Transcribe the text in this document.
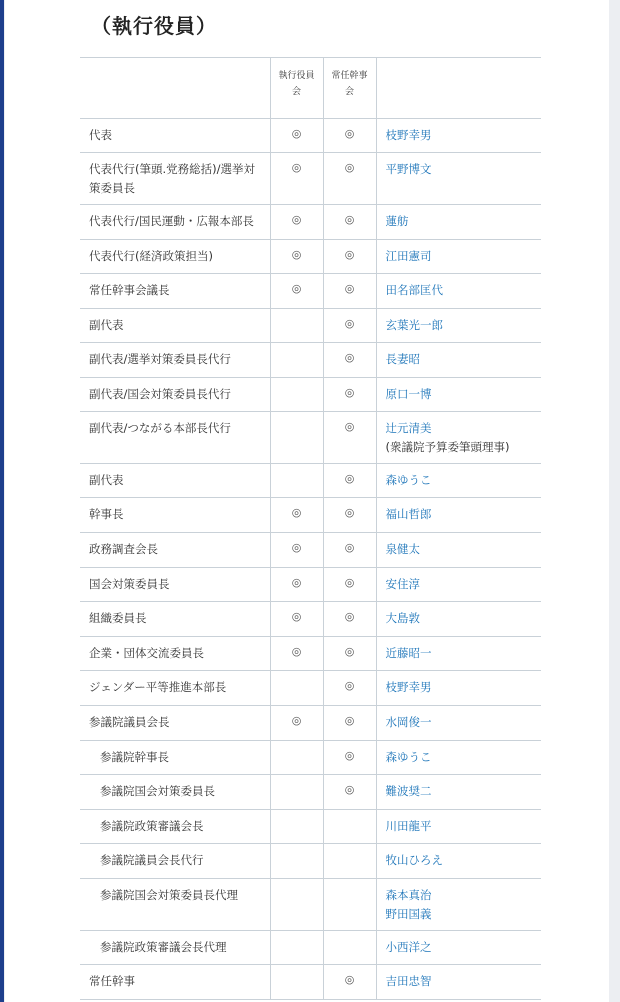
（執行役員）
	執行役員会	常任幹事会	
代表	◎	◎	枝野幸男

代表代行(筆頭.党務総括)/選挙対策委員長	◎	◎	平野博文

代表代行/国民運動・広報本部長	◎	◎	蓮舫

代表代行(経済政策担当)	◎	◎	江田憲司

常任幹事会議長	◎	◎	田名部匡代

副代表		◎	玄葉光一郎

副代表/選挙対策委員長代行		◎	長妻昭

副代表/国会対策委員長代行		◎	原口一博

副代表/つながる本部長代行		◎	辻元清美
(衆議院予算委筆頭理事)

副代表		◎	森ゆうこ

幹事長	◎	◎	福山哲郎

政務調査会長	◎	◎	泉健太

国会対策委員長	◎	◎	安住淳

組織委員長	◎	◎	大島敦

企業・団体交流委員長	◎	◎	近藤昭一

ジェンダー平等推進本部長		◎	枝野幸男

参議院議員会長	◎	◎	水岡俊一

参議院幹事長		◎	森ゆうこ

参議院国会対策委員長		◎	難波奨二

参議院政策審議会長			川田龍平

参議院議員会長代行			牧山ひろえ

参議院国会対策委員長代理			森本真治
野田国義

参議院政策審議会長代理			小西洋之

常任幹事		◎	吉田忠智
